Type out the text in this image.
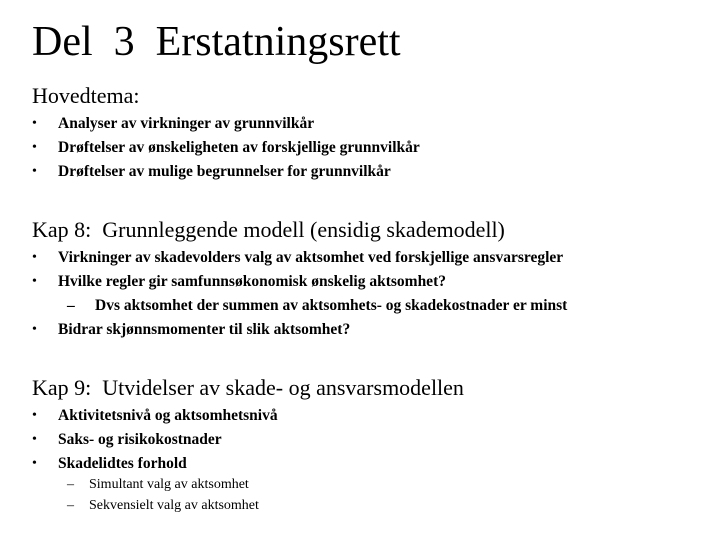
Del  3  Erstatningsrett
Hovedtema:
• Analyser av virkninger av grunnvilkår
• Drøftelser av ønskeligheten av forskjellige grunnvilkår
• Drøftelser av mulige begrunnelser for grunnvilkår
Kap 8:  Grunnleggende modell (ensidig skademodell)
• Virkninger av skadevolders valg av aktsomhet ved forskjellige ansvarsregler
• Hvilke regler gir samfunnsøkonomisk ønskelig aktsomhet?
– Dvs aktsomhet der summen av aktsomhets- og skadekostnader er minst
• Bidrar skjønnsmomenter til slik aktsomhet?
Kap 9:  Utvidelser av skade- og ansvarsmodellen
• Aktivitetsnivå og aktsomhetsnivå
• Saks- og risikokostnader
• Skadelidtes forhold
– Simultant valg av aktsomhet
– Sekvensielt valg av aktsomhet
